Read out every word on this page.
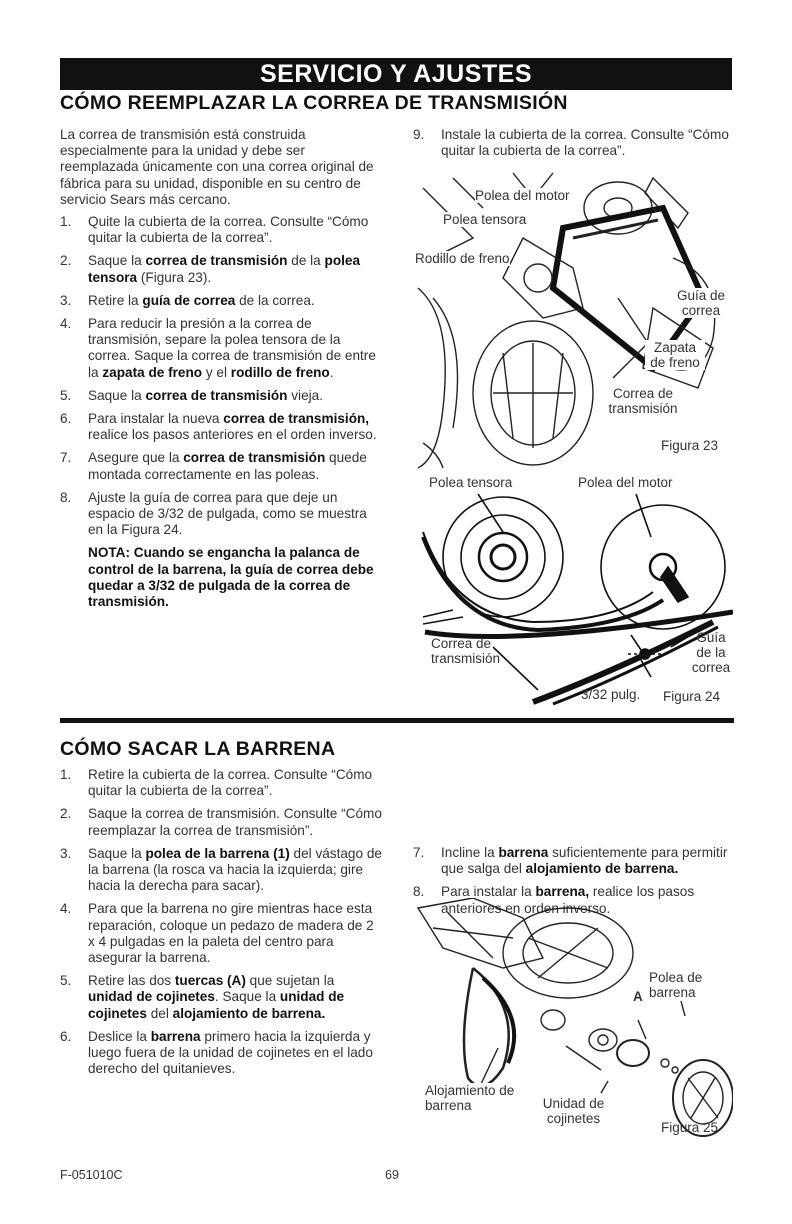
SERVICIO Y AJUSTES
CÓMO REEMPLAZAR LA CORREA DE TRANSMISIÓN

La correa de transmisión está construida especialmente para la unidad y debe ser reemplazada únicamente con una correa original de fábrica para su unidad, disponible en su centro de servicio Sears más cercano.

1.	Quite la cubierta de la correa. Consulte “Cómo quitar la cubierta de la correa”.
2.	Saque la correa de transmisión de la polea tensora (Figura 23).
3.	Retire la guía de correa de la correa.
4.	Para reducir la presión a la correa de transmisión, separe la polea tensora de la correa. Saque la correa de transmisión de entre la zapata de freno y el rodillo de freno.
5.	Saque la correa de transmisión vieja.
6.	Para instalar la nueva correa de transmisión, realice los pasos anteriores en el orden inverso.
7.	Asegure que la correa de transmisión quede montada correctamente en las poleas.
8.	Ajuste la guía de correa para que deje un espacio de 3/32 de pulgada, como se muestra en la Figura 24.
NOTA: Cuando se engancha la palanca de control de la barrena, la guía de correa debe quedar a 3/32 de pulgada de la correa de transmisión.
9.	Instale la cubierta de la correa. Consulte “Cómo quitar la cubierta de la correa”.
Polea del motor
Polea tensora
Rodillo de freno
Guía de correa
Zapata de freno
Correa de transmisión
Figura 23
Polea tensora	Polea del motor
Correa de transmisión
Guía de la correa
3/32 pulg. Figura 24
CÓMO SACAR LA BARRENA
1.	Retire la cubierta de la correa. Consulte “Cómo quitar la cubierta de la correa”.
2.	Saque la correa de transmisión. Consulte “Cómo reemplazar la correa de transmisión”.
3.	Saque la polea de la barrena (1) del vástago de la barrena (la rosca va hacia la izquierda; gire hacia la derecha para sacar).
4.	Para que la barrena no gire mientras hace esta reparación, coloque un pedazo de madera de 2 x 4 pulgadas en la paleta del centro para asegurar la barrena.
5.	Retire las dos tuercas (A) que sujetan la unidad de cojinetes. Saque la unidad de cojinetes del alojamiento de barrena.
6.	Deslice la barrena primero hacia la izquierda y luego fuera de la unidad de cojinetes en el lado derecho del quitanieves.
7.	Incline la barrena suficientemente para permitir que salga del alojamiento de barrena.
8.	Para instalar la barrena, realice los pasos anteriores en orden inverso.
Polea de barrena
A
Alojamiento de barrena	Unidad de cojinetes
Figura 25
F-051010C	69
